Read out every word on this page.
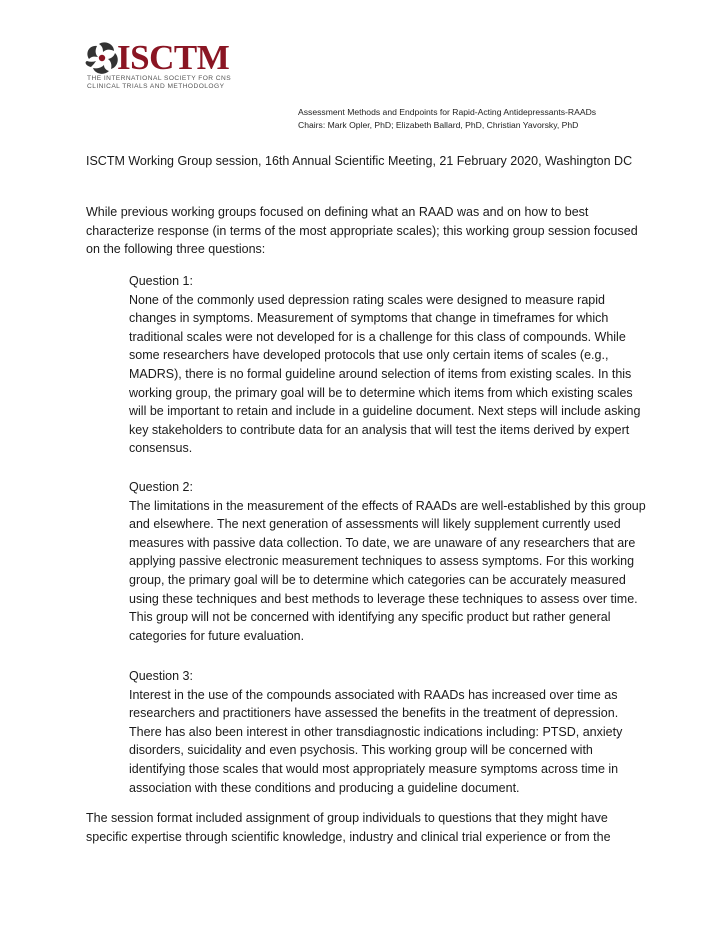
ISCTM
THE INTERNATIONAL SOCIETY FOR CNS
CLINICAL TRIALS AND METHODOLOGY
Assessment Methods and Endpoints for Rapid-Acting Antidepressants-RAADs
Chairs: Mark Opler, PhD; Elizabeth Ballard, PhD, Christian Yavorsky, PhD

ISCTM Working Group session, 16th Annual Scientific Meeting, 21 February 2020, Washington DC

While previous working groups focused on defining what an RAAD was and on how to best characterize response (in terms of the most appropriate scales); this working group session focused on the following three questions:

Question 1:

None of the commonly used depression rating scales were designed to measure rapid changes in symptoms. Measurement of symptoms that change in timeframes for which traditional scales were not developed for is a challenge for this class of compounds. While some researchers have developed protocols that use only certain items of scales (e.g., MADRS), there is no formal guideline around selection of items from existing scales. In this working group, the primary goal will be to determine which items from which existing scales will be important to retain and include in a guideline document. Next steps will include asking key stakeholders to contribute data for an analysis that will test the items derived by expert consensus.

Question 2:

The limitations in the measurement of the effects of RAADs are well-established by this group and elsewhere. The next generation of assessments will likely supplement currently used measures with passive data collection. To date, we are unaware of any researchers that are applying passive electronic measurement techniques to assess symptoms. For this working group, the primary goal will be to determine which categories can be accurately measured using these techniques and best methods to leverage these techniques to assess over time. This group will not be concerned with identifying any specific product but rather general categories for future evaluation.

Question 3:

Interest in the use of the compounds associated with RAADs has increased over time as researchers and practitioners have assessed the benefits in the treatment of depression. There has also been interest in other transdiagnostic indications including: PTSD, anxiety disorders, suicidality and even psychosis. This working group will be concerned with identifying those scales that would most appropriately measure symptoms across time in association with these conditions and producing a guideline document.

The session format included assignment of group individuals to questions that they might have specific expertise through scientific knowledge, industry and clinical trial experience or from the
